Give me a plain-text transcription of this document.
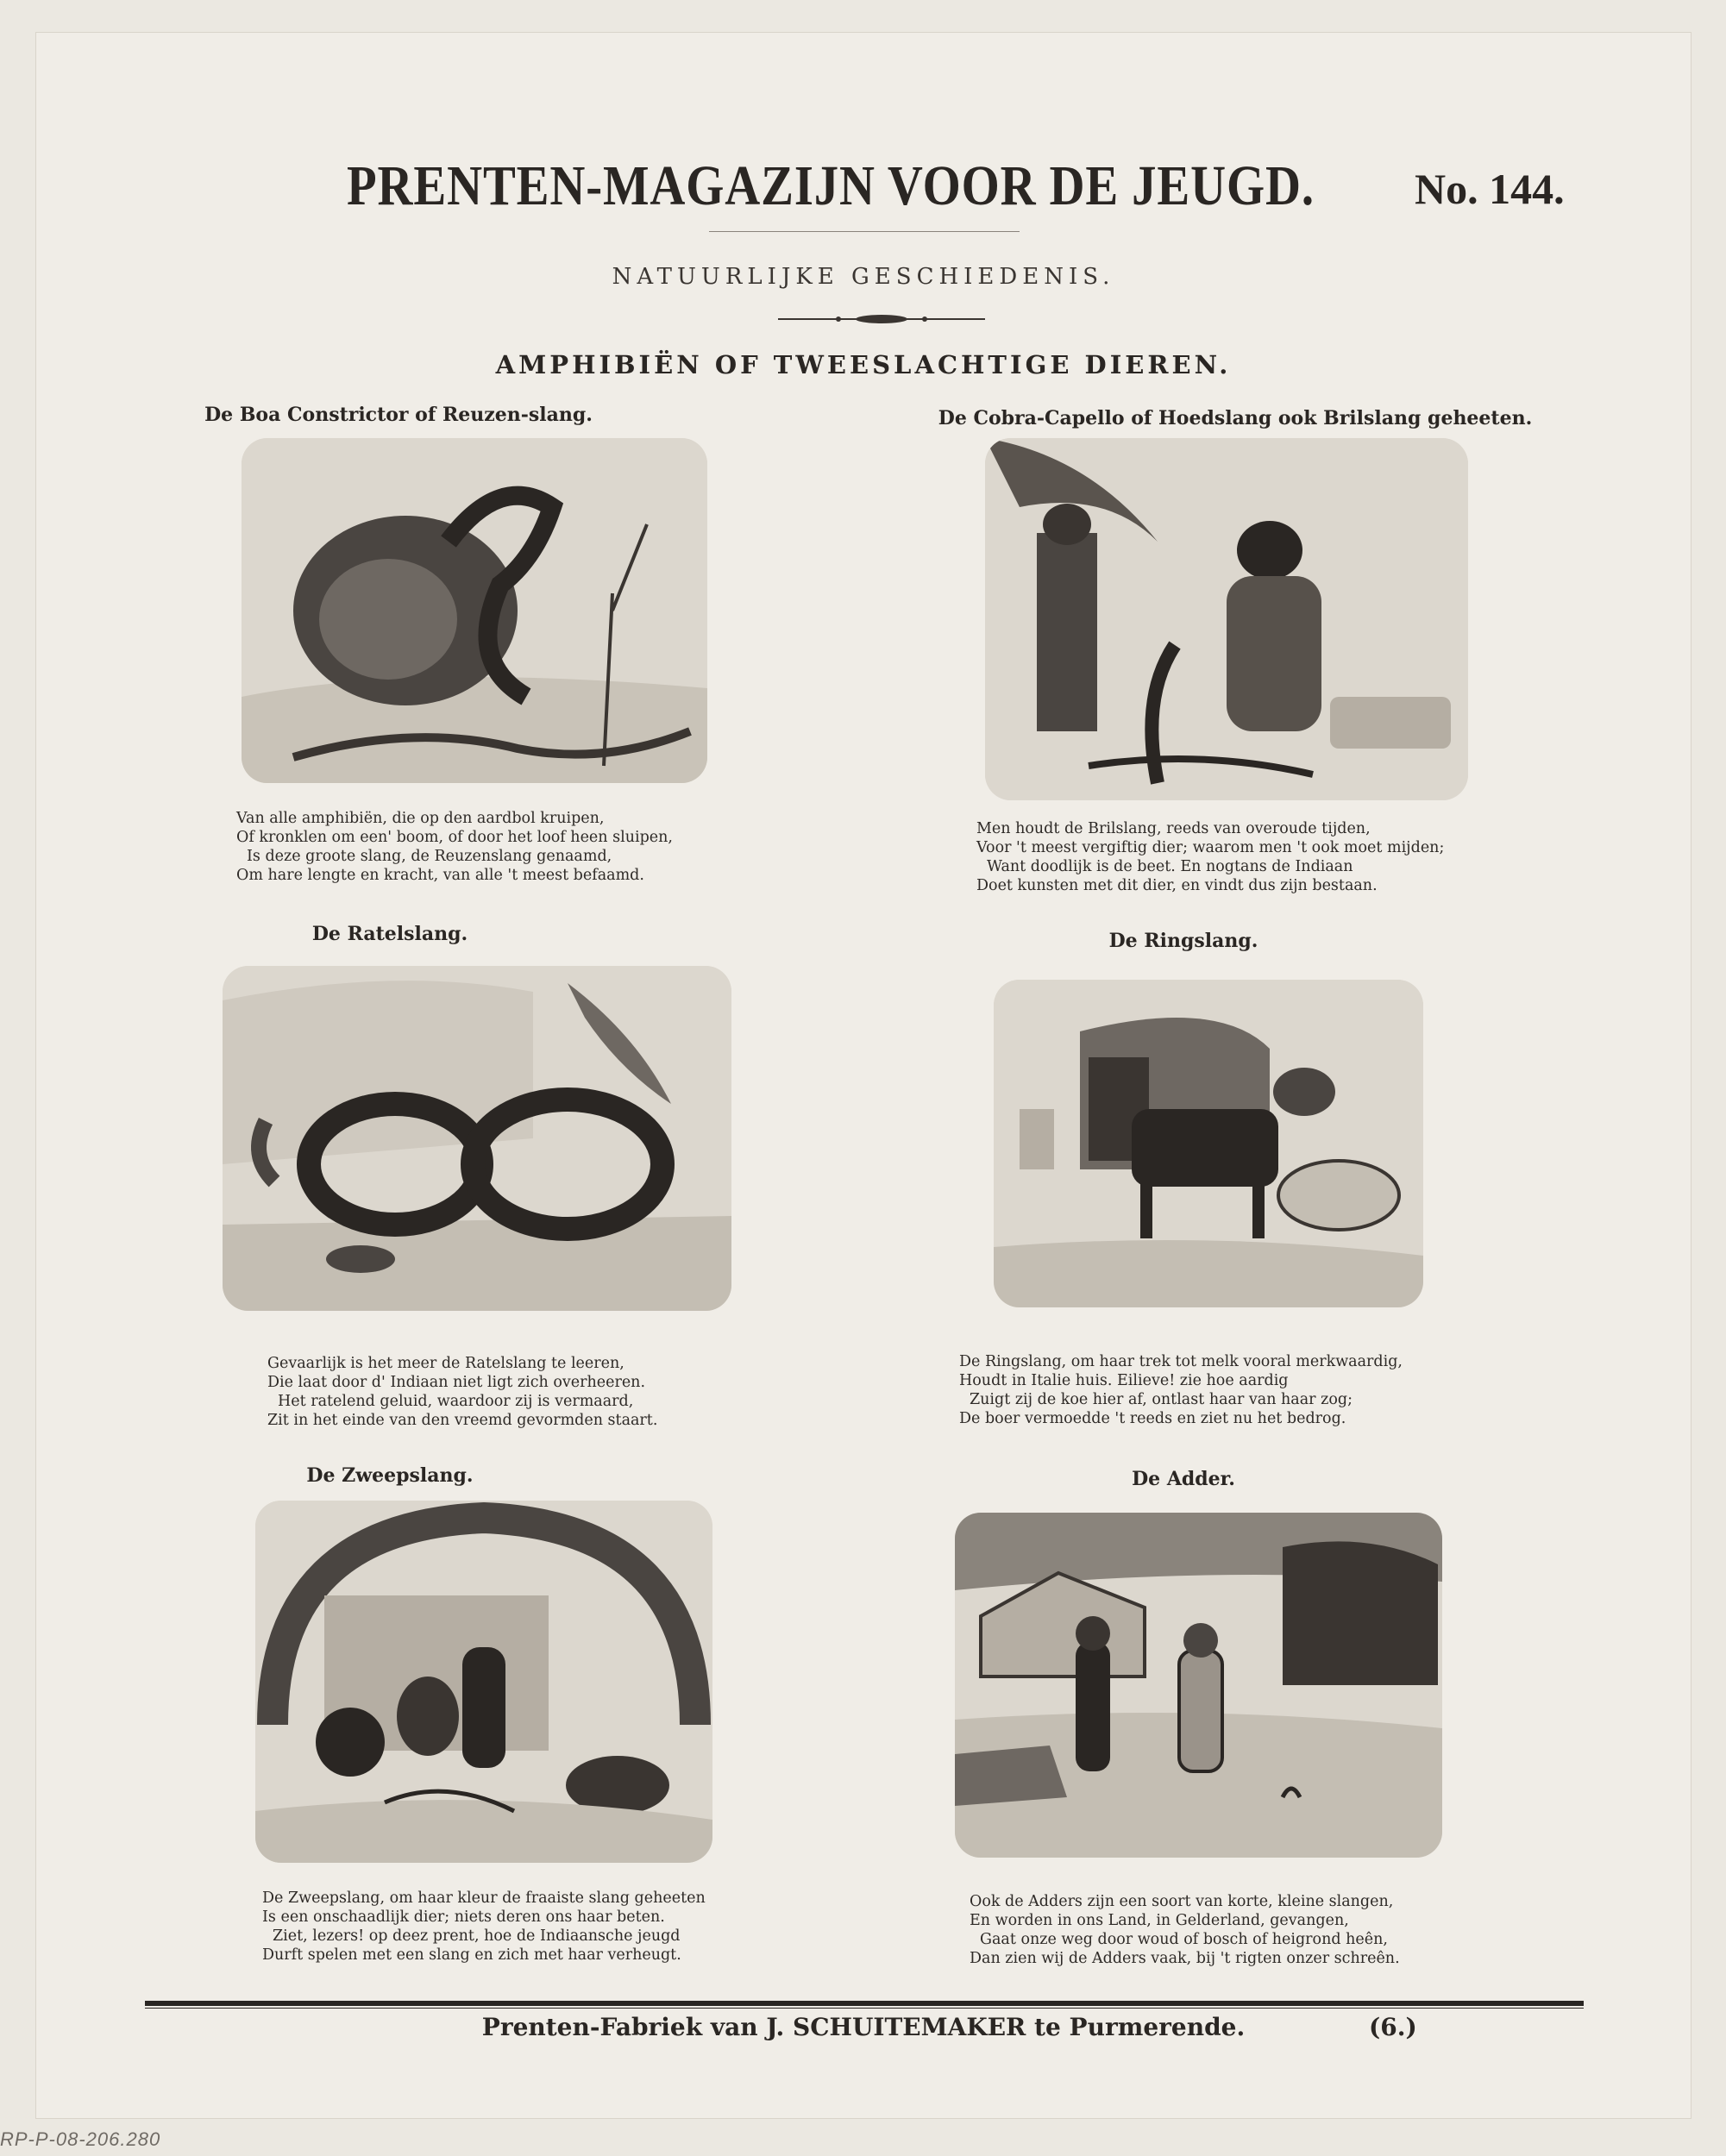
PRENTEN-MAGAZIJN VOOR DE JEUGD. No. 144.
NATUURLIJKE GESCHIEDENIS.
AMPHIBIËN OF TWEESLACHTIGE DIEREN.
De Boa Constrictor of Reuzen-slang.
Van alle amphibiën, die op den aardbol kruipen,
Of kronklen om een' boom, of door het loof heen sluipen,
Is deze groote slang, de Reuzenslang genaamd,
Om hare lengte en kracht, van alle 't meest befaamd.
De Cobra-Capello of Hoedslang ook Brilslang geheeten.
Men houdt de Brilslang, reeds van overoude tijden,
Voor 't meest vergiftig dier; waarom men 't ook moet mijden;
Want doodlijk is de beet. En nogtans de Indiaan
Doet kunsten met dit dier, en vindt dus zijn bestaan.
De Ratelslang.
Gevaarlijk is het meer de Ratelslang te leeren,
Die laat door d' Indiaan niet ligt zich overheeren.
Het ratelend geluid, waardoor zij is vermaard,
Zit in het einde van den vreemd gevormden staart.
De Ringslang.
De Ringslang, om haar trek tot melk vooral merkwaardig,
Houdt in Italie huis. Eilieve! zie hoe aardig
Zuigt zij de koe hier af, ontlast haar van haar zog;
De boer vermoedde 't reeds en ziet nu het bedrog.
De Zweepslang.
De Zweepslang, om haar kleur de fraaiste slang geheeten
Is een onschaadlijk dier; niets deren ons haar beten.
Ziet, lezers! op deez prent, hoe de Indiaansche jeugd
Durft spelen met een slang en zich met haar verheugt.
De Adder.
Ook de Adders zijn een soort van korte, kleine slangen,
En worden in ons Land, in Gelderland, gevangen,
Gaat onze weg door woud of bosch of heigrond heên,
Dan zien wij de Adders vaak, bij 't rigten onzer schreên.
Prenten-Fabriek van J. SCHUITEMAKER te Purmerende.	(6.)
RP-P-08-206.280
